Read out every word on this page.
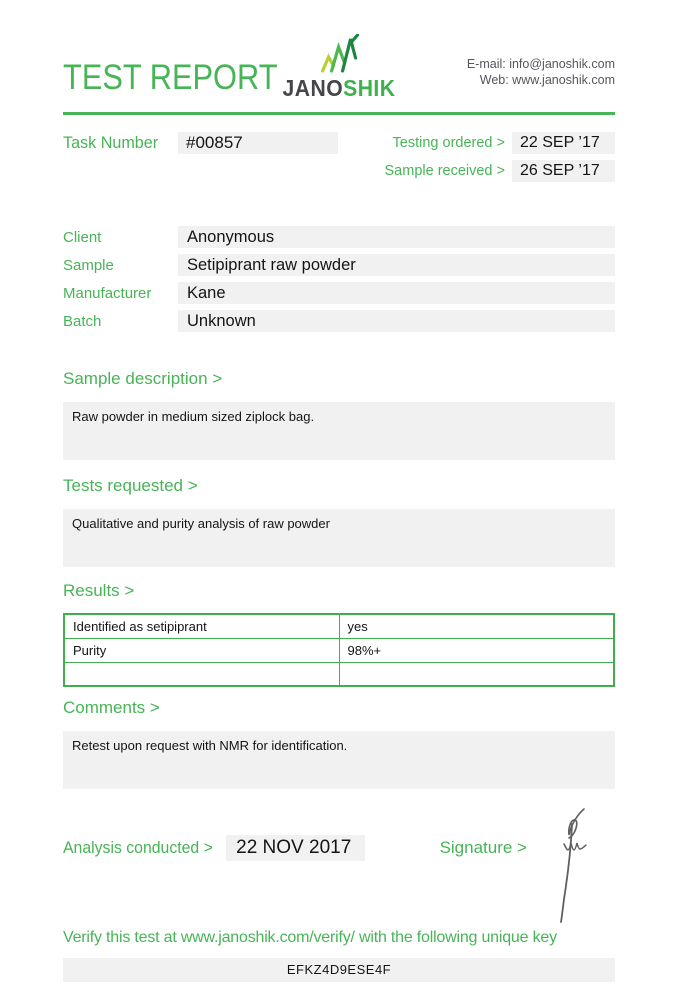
TEST REPORT JANOSHIK
E-mail: info@janoshik.com
Web: www.janoshik.com
Task Number	#00857	Testing ordered > 22 SEP ’17
Sample received > 26 SEP ’17
Client	Anonymous
Sample	Setipiprant raw powder
Manufacturer	Kane
Batch	Unknown
Sample description >
Raw powder in medium sized ziplock bag.
Tests requested >
Qualitative and purity analysis of raw powder
Results >
Identified as setipiprant	yes
Purity	98%+

Comments >
Retest upon request with NMR for identification.
Analysis conducted >	22 NOV 2017	Signature >
Verify this test at www.janoshik.com/verify/ with the following unique key
EFKZ4D9ESE4F
